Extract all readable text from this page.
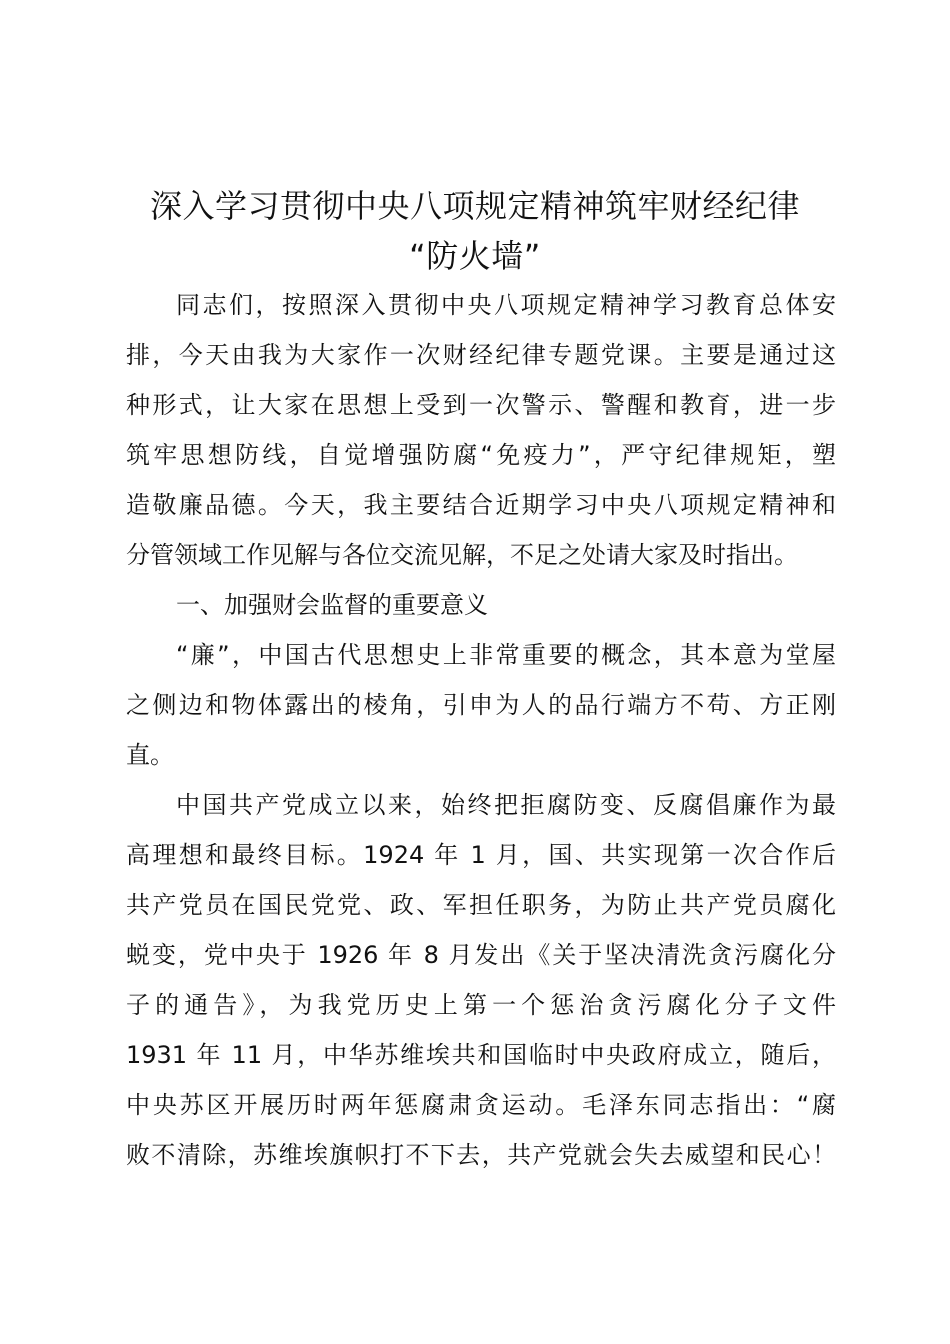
深入学习贯彻中央八项规定精神筑牢财经纪律
“防火墙”
同志们，按照深入贯彻中央八项规定精神学习教育总体安
排，今天由我为大家作一次财经纪律专题党课。主要是通过这
种形式，让大家在思想上受到一次警示、警醒和教育，进一步
筑牢思想防线，自觉增强防腐“免疫力”，严守纪律规矩，塑
造敬廉品德。今天，我主要结合近期学习中央八项规定精神和
分管领域工作见解与各位交流见解，不足之处请大家及时指出。
一、加强财会监督的重要意义
“廉”，中国古代思想史上非常重要的概念，其本意为堂屋
之侧边和物体露出的棱角，引申为人的品行端方不苟、方正刚
直。
中国共产党成立以来，始终把拒腐防变、反腐倡廉作为最
高理想和最终目标。1924 年 1 月，国、共实现第一次合作后
共产党员在国民党党、政、军担任职务，为防止共产党员腐化
蜕变，党中央于 1926 年 8 月发出《关于坚决清洗贪污腐化分
子的通告》，为我党历史上第一个惩治贪污腐化分子文件
1931 年 11 月，中华苏维埃共和国临时中央政府成立，随后，
中央苏区开展历时两年惩腐肃贪运动。毛泽东同志指出：“腐
败不清除，苏维埃旗帜打不下去，共产党就会失去威望和民心！
